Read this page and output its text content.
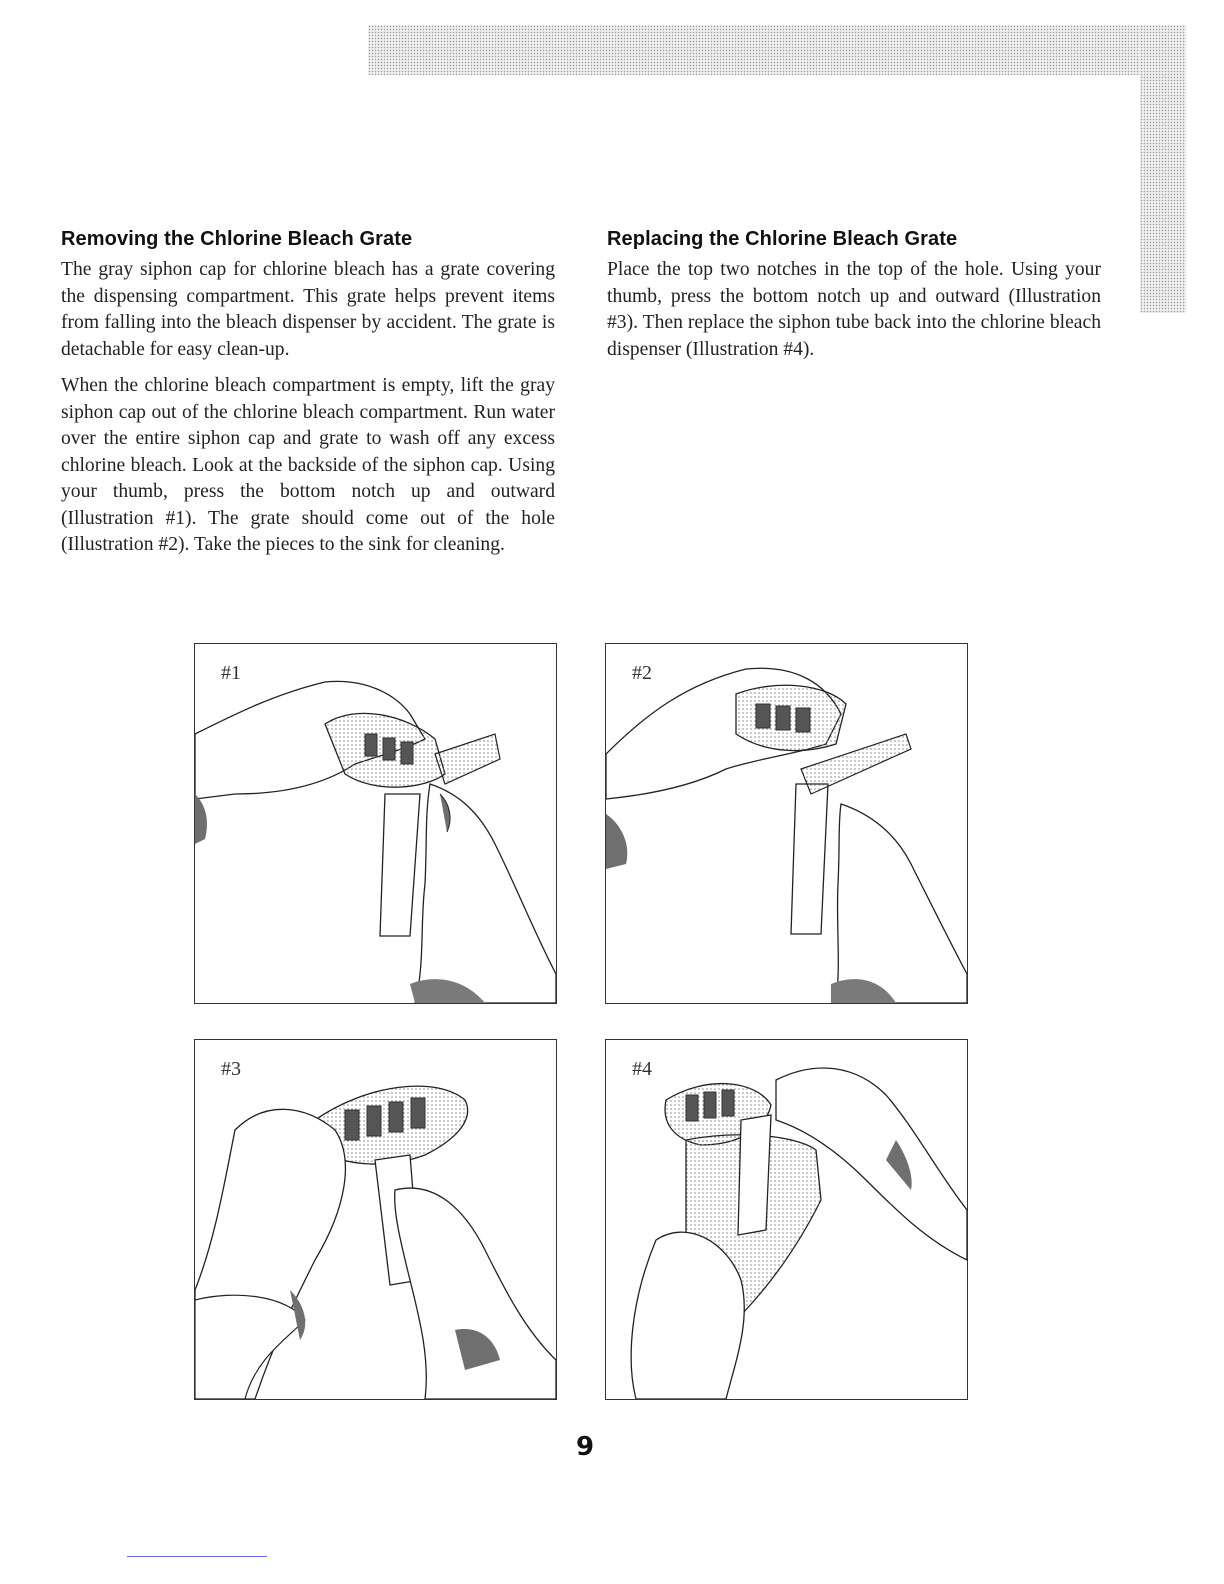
Removing the Chlorine Bleach Grate

The gray siphon cap for chlorine bleach has a grate covering the dispensing compartment. This grate helps prevent items from falling into the bleach dispenser by accident. The grate is detachable for easy clean-up.

When the chlorine bleach compartment is empty, lift the gray siphon cap out of the chlorine bleach compartment. Run water over the entire siphon cap and grate to wash off any excess chlorine bleach. Look at the backside of the siphon cap. Using your thumb, press the bottom notch up and outward (Illustration #1). The grate should come out of the hole (Illustration #2). Take the pieces to the sink for cleaning.

Replacing the Chlorine Bleach Grate

Place the top two notches in the top of the hole. Using your thumb, press the bottom notch up and outward (Illustration #3). Then replace the siphon tube back into the chlorine bleach dispenser (Illustration #4).

#1	#2
#3	#4
9
